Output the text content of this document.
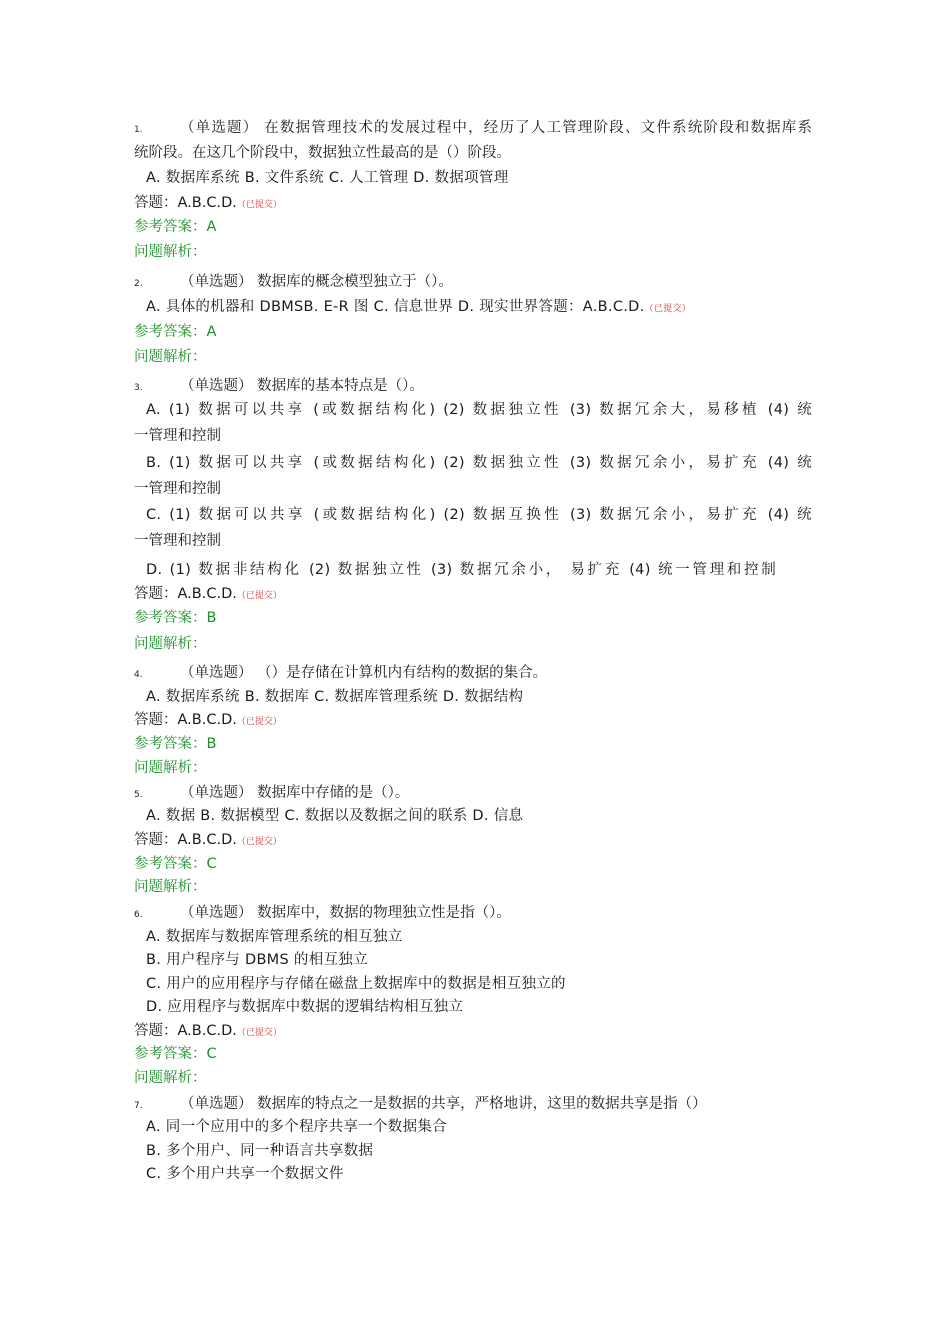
1.	（单选题） 在数据管理技术的发展过程中，经历了人工管理阶段、文件系统阶段和数据库系
统阶段。在这几个阶段中，数据独立性最高的是（）阶段。
A. 数据库系统 B. 文件系统 C. 人工管理 D. 数据项管理
答题：A.B.C.D.（已提交）
参考答案：A
问题解析：
2.	（单选题） 数据库的概念模型独立于（）。
A. 具体的机器和 DBMSB. E-R 图 C. 信息世界 D. 现实世界答题：A.B.C.D.（已提交）
参考答案：A
问题解析：
3.	（单选题） 数据库的基本特点是（）。
A. (1) 数据可以共享 (或数据结构化) (2) 数据独立性 (3) 数据冗余大，易移植 (4) 统
一管理和控制
B. (1) 数据可以共享 (或数据结构化) (2) 数据独立性 (3) 数据冗余小，易扩充 (4) 统
一管理和控制
C. (1) 数据可以共享 (或数据结构化) (2) 数据互换性 (3) 数据冗余小，易扩充 (4) 统
一管理和控制
D. (1) 数据非结构化 (2) 数据独立性 (3) 数据冗余小， 易扩充 (4) 统一管理和控制
答题：A.B.C.D.（已提交）
参考答案：B
问题解析：
4.	（单选题） （）是存储在计算机内有结构的数据的集合。
A. 数据库系统 B. 数据库 C. 数据库管理系统 D. 数据结构
答题：A.B.C.D.（已提交）
参考答案：B
问题解析：
5.	（单选题） 数据库中存储的是（）。
A. 数据 B. 数据模型 C. 数据以及数据之间的联系 D. 信息
答题：A.B.C.D.（已提交）
参考答案：C
问题解析：
6.	（单选题） 数据库中，数据的物理独立性是指（）。
A. 数据库与数据库管理系统的相互独立
B. 用户程序与 DBMS 的相互独立
C. 用户的应用程序与存储在磁盘上数据库中的数据是相互独立的
D. 应用程序与数据库中数据的逻辑结构相互独立
答题：A.B.C.D.（已提交）
参考答案：C
问题解析：
7.	（单选题） 数据库的特点之一是数据的共享，严格地讲，这里的数据共享是指（）
A. 同一个应用中的多个程序共享一个数据集合
B. 多个用户、同一种语言共享数据
C. 多个用户共享一个数据文件
